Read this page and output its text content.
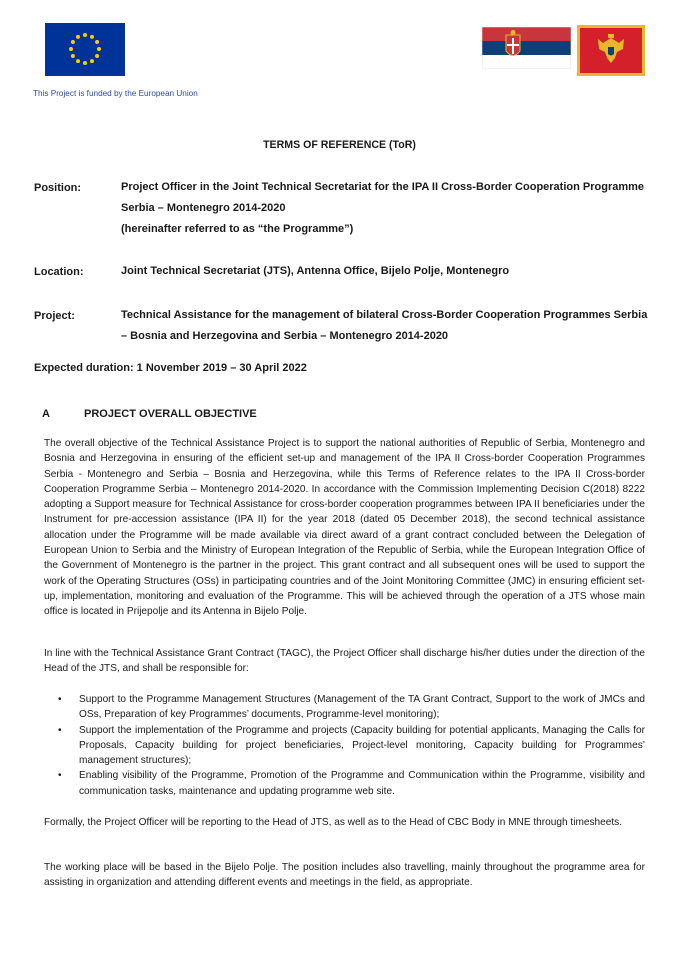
This Project is funded by the European Union
TERMS OF REFERENCE (ToR)
Position:	Project Officer in the Joint Technical Secretariat for the IPA II Cross-Border Cooperation Programme
Serbia – Montenegro 2014-2020
(hereinafter referred to as “the Programme”)
Location:	Joint Technical Secretariat (JTS), Antenna Office, Bijelo Polje, Montenegro
Project:	Technical Assistance for the management of bilateral Cross-Border Cooperation Programmes Serbia
– Bosnia and Herzegovina and Serbia – Montenegro 2014-2020
Expected duration: 1 November 2019 – 30 April 2022
A	PROJECT OVERALL OBJECTIVE
The overall objective of the Technical Assistance Project is to support the national authorities of Republic of Serbia, Montenegro and Bosnia and Herzegovina in ensuring of the efficient set-up and management of the IPA II Cross-border Cooperation Programmes Serbia - Montenegro and Serbia – Bosnia and Herzegovina, while this Terms of Reference relates to the IPA II Cross-border Cooperation Programme Serbia – Montenegro 2014-2020. In accordance with the Commission Implementing Decision C(2018) 8222 adopting a Support measure for Technical Assistance for cross-border cooperation programmes between IPA II beneficiaries under the Instrument for pre-accession assistance (IPA II) for the year 2018 (dated 05 December 2018), the second technical assistance allocation under the Programme will be made available via direct award of a grant contract concluded between the Delegation of European Union to Serbia and the Ministry of European Integration of the Republic of Serbia, while the European Integration Office of the Government of Montenegro is the partner in the project. This grant contract and all subsequent ones will be used to support the work of the Operating Structures (OSs) in participating countries and of the Joint Monitoring Committee (JMC) in ensuring efficient set-up, implementation, monitoring and evaluation of the Programme. This will be achieved through the operation of a JTS whose main office is located in Prijepolje and its Antenna in Bijelo Polje.
In line with the Technical Assistance Grant Contract (TAGC), the Project Officer shall discharge his/her duties under the direction of the Head of the JTS, and shall be responsible for:
• Support to the Programme Management Structures (Management of the TA Grant Contract, Support to the work of JMCs and OSs, Preparation of key Programmes’ documents, Programme-level monitoring);
• Support the implementation of the Programme and projects (Capacity building for potential applicants, Managing the Calls for Proposals, Capacity building for project beneficiaries, Project-level monitoring, Capacity building for Programmes’ management structures);
• Enabling visibility of the Programme, Promotion of the Programme and Communication within the Programme, visibility and communication tasks, maintenance and updating programme web site.
Formally, the Project Officer will be reporting to the Head of JTS, as well as to the Head of CBC Body in MNE through timesheets.
The working place will be based in the Bijelo Polje. The position includes also travelling, mainly throughout the programme area for assisting in organization and attending different events and meetings in the field, as appropriate.
